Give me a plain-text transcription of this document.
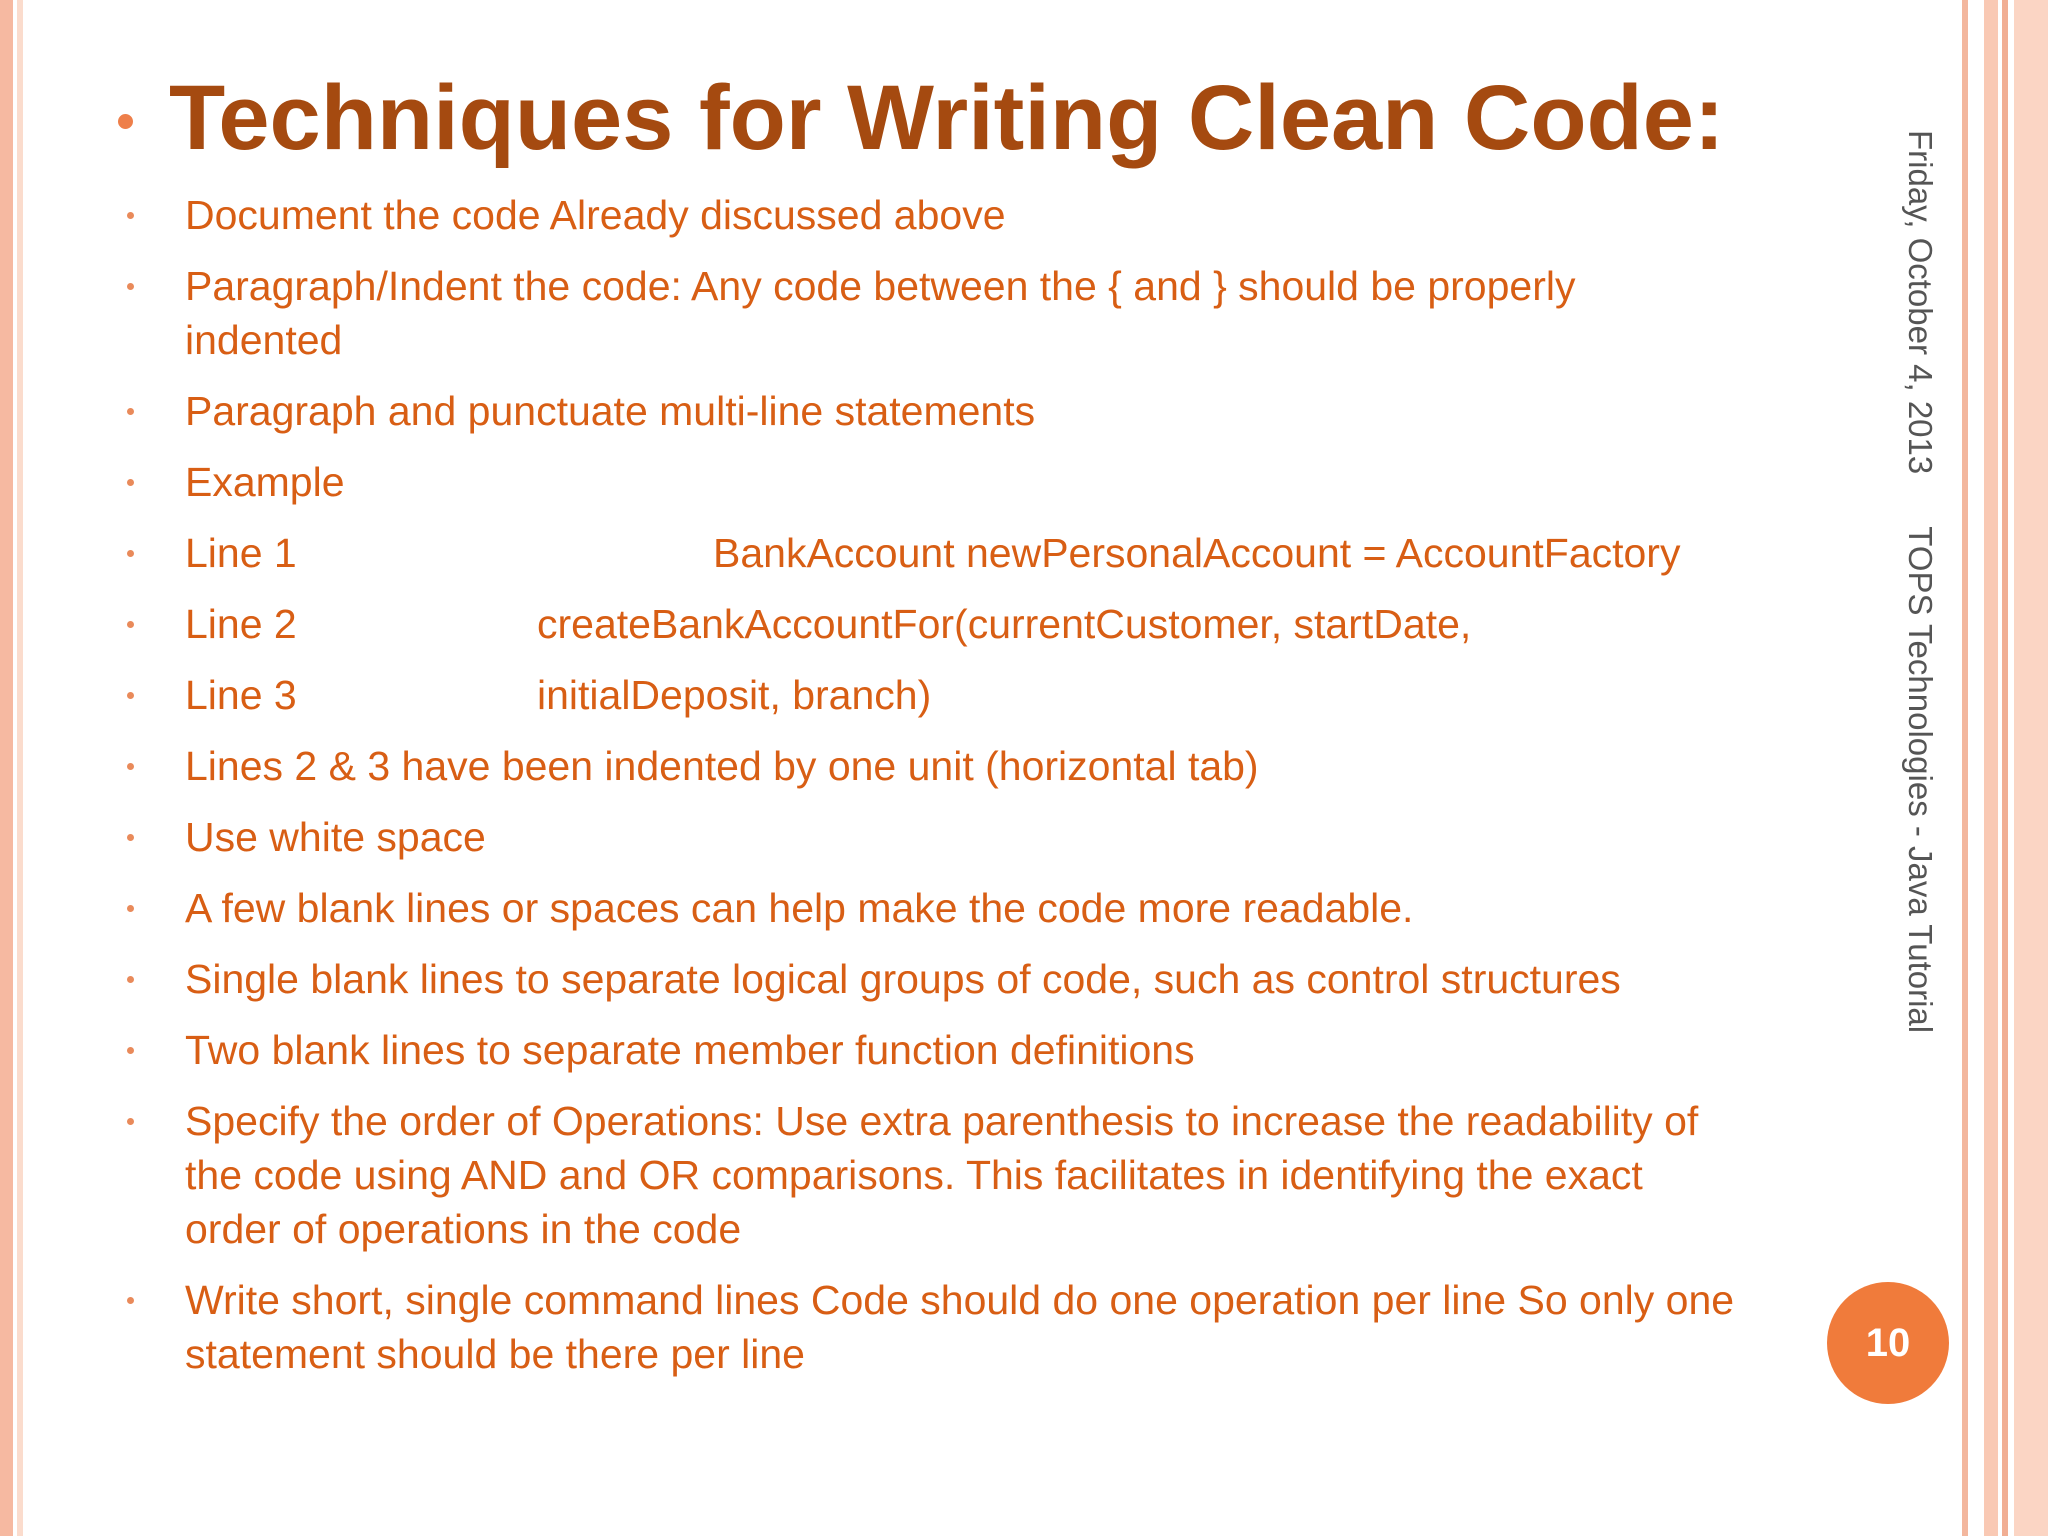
Techniques for Writing Clean Code:
Document the code Already discussed above
Paragraph/Indent the code: Any code between the { and } should be properly indented
Paragraph and punctuate multi-line statements
Example
Line 1					BankAccount newPersonalAccount = AccountFactory
Line 2			createBankAccountFor(currentCustomer, startDate,
Line 3			initialDeposit, branch)
Lines 2 & 3 have been indented by one unit (horizontal tab)
Use white space
A few blank lines or spaces can help make the code more readable.
Single blank lines to separate logical groups of code, such as control structures
Two blank lines to separate member function definitions
Specify the order of Operations: Use extra parenthesis to increase the readability of the code using AND and OR comparisons. This facilitates in identifying the exact order of operations in the code
Write short, single command lines Code should do one operation per line So only one statement should be there per line
Friday, October 4, 2013TOPS Technologies - Java Tutorial
10
